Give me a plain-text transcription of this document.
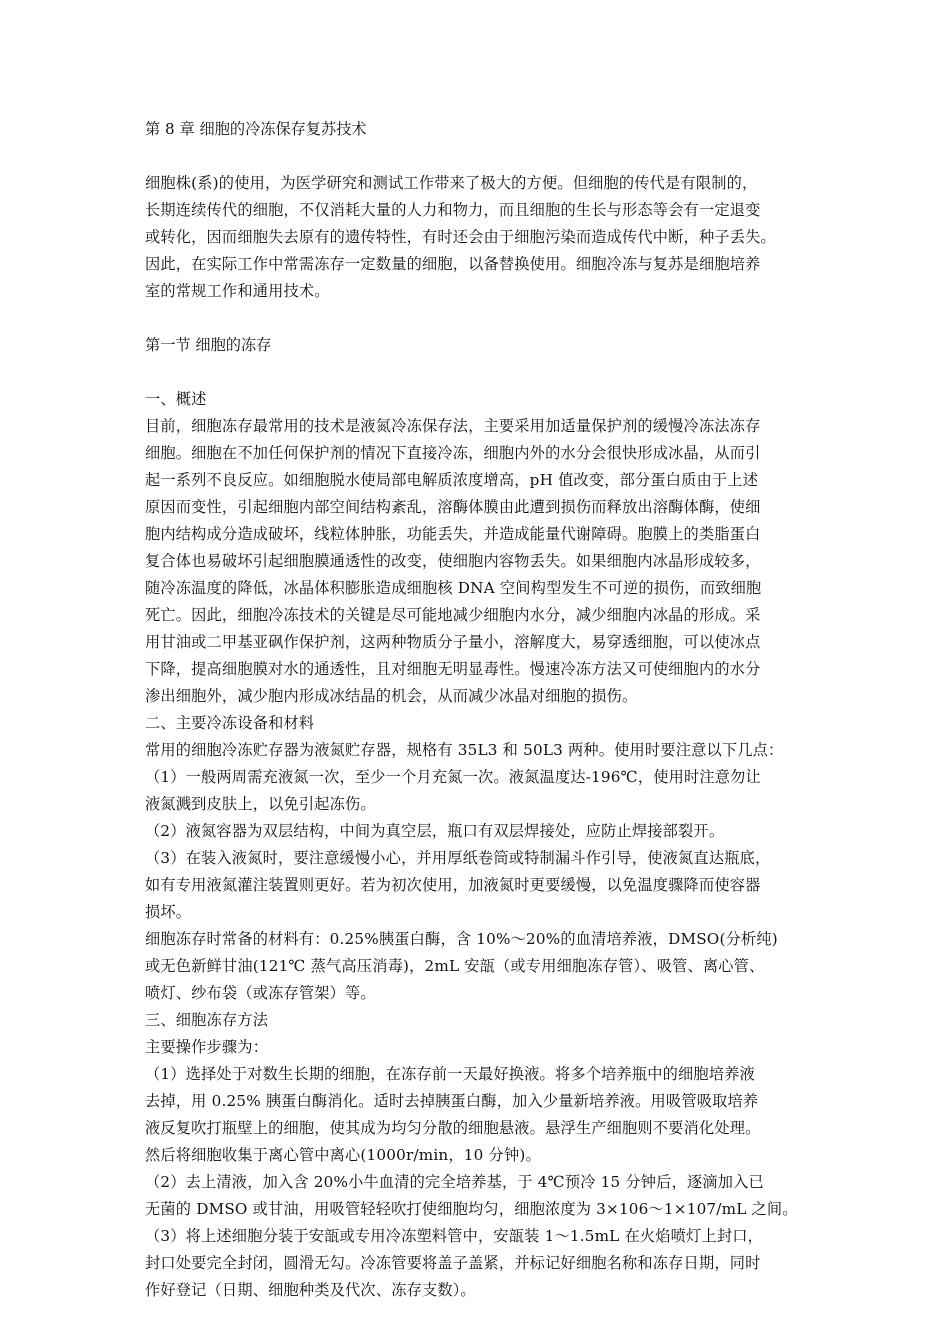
第 8 章 细胞的冷冻保存复苏技术
细胞株(系)的使用，为医学研究和测试工作带来了极大的方便。但细胞的传代是有限制的，
长期连续传代的细胞，不仅消耗大量的人力和物力，而且细胞的生长与形态等会有一定退变
或转化，因而细胞失去原有的遗传特性，有时还会由于细胞污染而造成传代中断，种子丢失。
因此，在实际工作中常需冻存一定数量的细胞，以备替换使用。细胞冷冻与复苏是细胞培养
室的常规工作和通用技术。
第一节 细胞的冻存
一、概述
目前，细胞冻存最常用的技术是液氮冷冻保存法，主要采用加适量保护剂的缓慢冷冻法冻存
细胞。细胞在不加任何保护剂的情况下直接冷冻，细胞内外的水分会很快形成冰晶，从而引
起一系列不良反应。如细胞脱水使局部电解质浓度增高，pH 值改变，部分蛋白质由于上述
原因而变性，引起细胞内部空间结构紊乱，溶酶体膜由此遭到损伤而释放出溶酶体酶，使细
胞内结构成分造成破坏，线粒体肿胀，功能丢失，并造成能量代谢障碍。胞膜上的类脂蛋白
复合体也易破坏引起细胞膜通透性的改变，使细胞内容物丢失。如果细胞内冰晶形成较多，
随冷冻温度的降低，冰晶体积膨胀造成细胞核 DNA 空间构型发生不可逆的损伤，而致细胞
死亡。因此，细胞冷冻技术的关键是尽可能地减少细胞内水分，减少细胞内冰晶的形成。采
用甘油或二甲基亚砜作保护剂，这两种物质分子量小，溶解度大，易穿透细胞，可以使冰点
下降，提高细胞膜对水的通透性，且对细胞无明显毒性。慢速冷冻方法又可使细胞内的水分
渗出细胞外，减少胞内形成冰结晶的机会，从而减少冰晶对细胞的损伤。
二、主要冷冻设备和材料
常用的细胞冷冻贮存器为液氮贮存器，规格有 35L3 和 50L3 两种。使用时要注意以下几点：
（1）一般两周需充液氮一次，至少一个月充氮一次。液氮温度达-196℃，使用时注意勿让
液氮溅到皮肤上，以免引起冻伤。
（2）液氮容器为双层结构，中间为真空层，瓶口有双层焊接处，应防止焊接部裂开。
（3）在装入液氮时，要注意缓慢小心，并用厚纸卷筒或特制漏斗作引导，使液氮直达瓶底，
如有专用液氮灌注装置则更好。若为初次使用，加液氮时更要缓慢，以免温度骤降而使容器
损坏。
细胞冻存时常备的材料有：0.25%胰蛋白酶，含 10%～20%的血清培养液，DMSO(分析纯)
或无色新鲜甘油(121℃ 蒸气高压消毒)，2mL 安瓿（或专用细胞冻存管）、吸管、离心管、
喷灯、纱布袋（或冻存管架）等。
三、细胞冻存方法
主要操作步骤为：
（1）选择处于对数生长期的细胞，在冻存前一天最好换液。将多个培养瓶中的细胞培养液
去掉，用 0.25% 胰蛋白酶消化。适时去掉胰蛋白酶，加入少量新培养液。用吸管吸取培养
液反复吹打瓶壁上的细胞，使其成为均匀分散的细胞悬液。悬浮生产细胞则不要消化处理。
然后将细胞收集于离心管中离心(1000r/min，10 分钟)。
（2）去上清液，加入含 20%小牛血清的完全培养基，于 4℃预冷 15 分钟后，逐滴加入已
无菌的 DMSO 或甘油，用吸管轻轻吹打使细胞均匀，细胞浓度为 3×106～1×107/mL 之间。
（3）将上述细胞分装于安瓿或专用冷冻塑料管中，安瓿装 1～1.5mL 在火焰喷灯上封口，
封口处要完全封闭，圆滑无勾。冷冻管要将盖子盖紧，并标记好细胞名称和冻存日期，同时
作好登记（日期、细胞种类及代次、冻存支数）。
